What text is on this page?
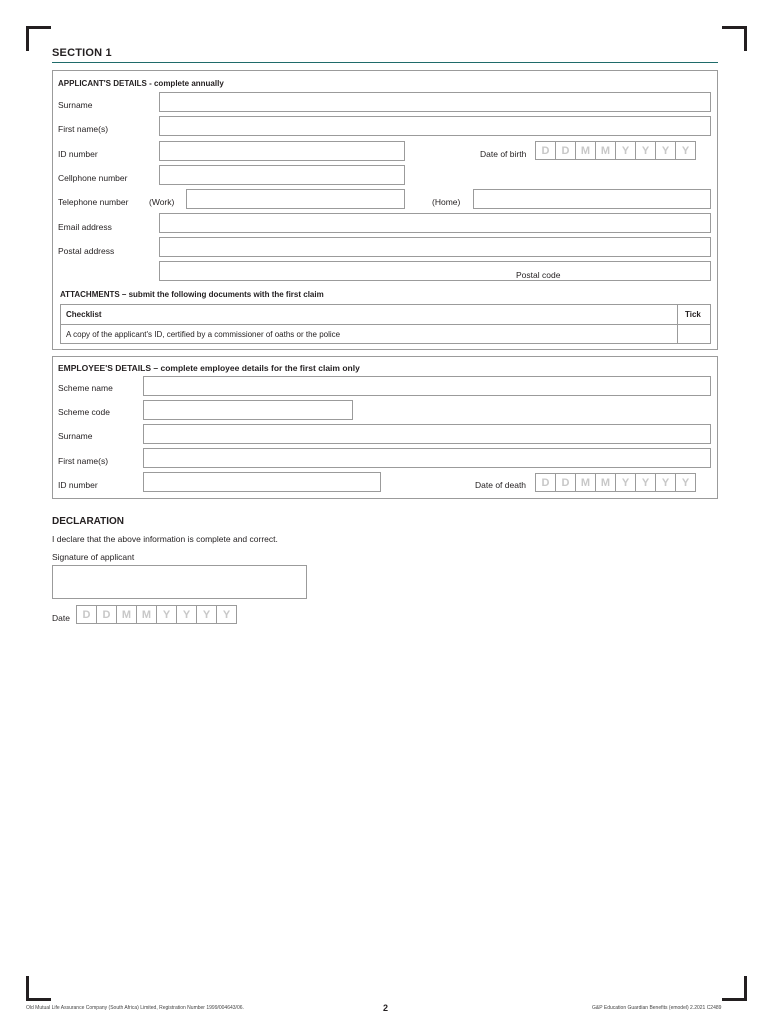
SECTION 1
APPLICANT'S DETAILS - complete annually
Surname
First name(s)
ID number	Date of birth	D	D	M M	Y	Y	Y	Y
Cellphone number
Telephone number (Work)	(Home)
Email address
Postal address
Postal code
ATTACHMENTS – submit the following documents with the first claim
Checklist	Tick
A copy of the applicant's ID, certified by a commissioner of oaths or the police
EMPLOYEE'S DETAILS – complete employee details for the first claim only
Scheme name
Scheme code
Surname
First name(s)
ID number	Date of death	D	D	M M	Y	Y	Y	Y
DECLARATION
I declare that the above information is complete and correct.
Signature of applicant
Date	D	D	M M	Y	Y	Y	Y
Old Mutual Life Assurance Company (South Africa) Limited, Registration Number 1999/004643/06.	2	G&P Education Guardian Benefits (emodel) 2.2021 C2489
